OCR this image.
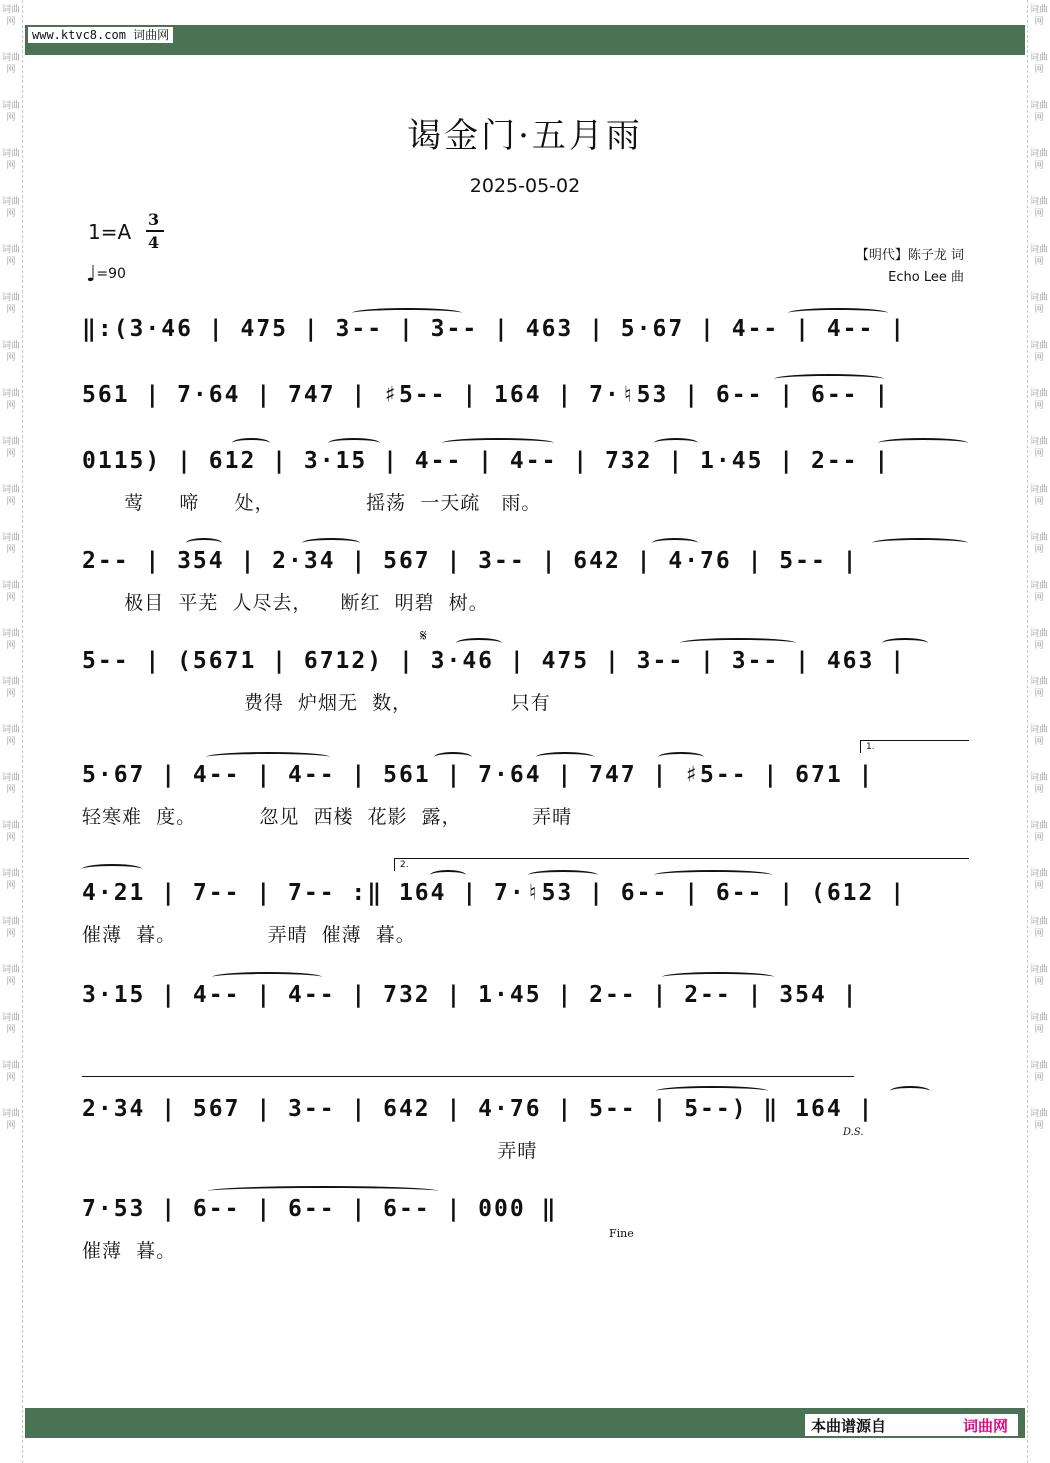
词曲网
词曲网
词曲网
词曲网
词曲网
词曲网
词曲网
词曲网
词曲网
词曲网
词曲网
词曲网
词曲网
词曲网
词曲网
词曲网
词曲网
词曲网
词曲网
词曲网
词曲网
词曲网
词曲网
词曲网
词曲网
词曲网
词曲网
词曲网
词曲网
词曲网
词曲网
词曲网
词曲网
词曲网
词曲网
词曲网
词曲网
词曲网
词曲网
词曲网
词曲网
词曲网
词曲网
词曲网
词曲网
词曲网
词曲网
词曲网
www.ktvc8.com 词曲网
谒金门·五月雨
2025-05-02
1=A
3
4
♩=90
【明代】陈子龙 词
Echo Lee 曲
‖:(3·46 | 475 | 3-- | 3-- | 463 | 5·67 | 4-- | 4-- |
561 | 7·64 | 747 | ♯5-- | 164 | 7·♮53 | 6-- | 6-- |
0115) | 612 | 3·15 | 4-- | 4-- | 732 | 1·45 | 2-- |
莺     啼     处，             摇荡  一天疏   雨。
2-- | 354 | 2·34 | 567 | 3-- | 642 | 4·76 | 5-- |
极目  平芜  人尽去，    断红  明碧  树。
5-- | (5671 | 6712) | 3·46 | 475 | 3-- | 3-- | 463 |
费得  炉烟无  数，              只有
𝄋
5·67 | 4-- | 4-- | 561 | 7·64 | 747 | ♯5-- | 671 |
轻寒难  度。         忽见  西楼  花影  露，          弄晴
1.
4·21 | 7-- | 7-- :‖ 164 | 7·♮53 | 6-- | 6-- | (612 |
催薄  暮。             弄晴  催薄  暮。
2.
3·15 | 4-- | 4-- | 732 | 1·45 | 2-- | 2-- | 354 |
2·34 | 567 | 3-- | 642 | 4·76 | 5-- | 5--) ‖ 164 |
弄晴
D.S.
7·53 | 6-- | 6-- | 6-- | 000 ‖
催薄  暮。
Fine
本曲谱源自	词曲网
